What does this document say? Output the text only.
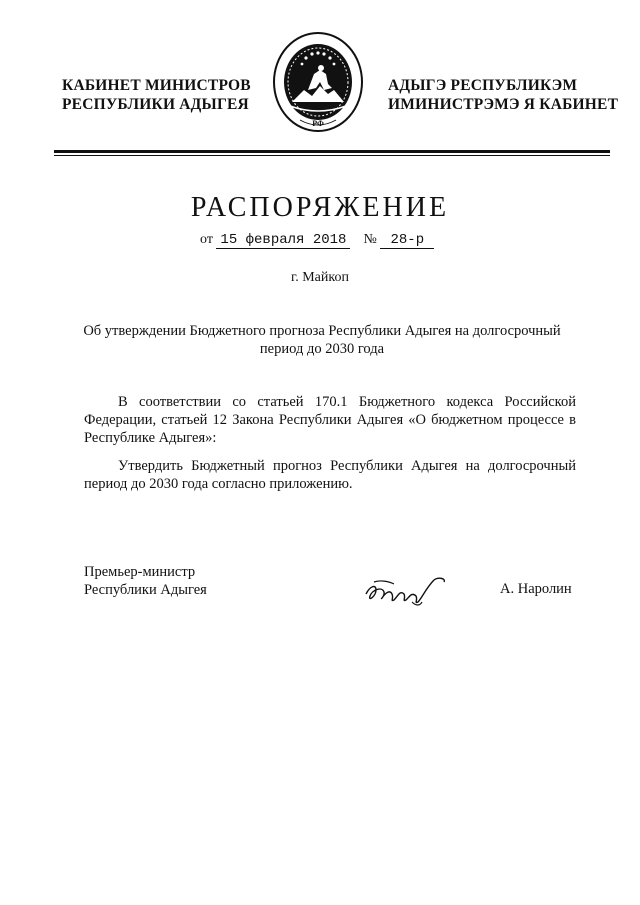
КАБИНЕТ МИНИСТРОВ
РЕСПУБЛИКИ АДЫГЕЯ
РФ
АДЫГЭ РЕСПУБЛИКЭМ
ИМИНИСТРЭМЭ Я КАБИНЕТ
РАСПОРЯЖЕНИЕ
от 15 февраля 2018 № 28-р
г. Майкоп
Об утверждении Бюджетного прогноза Республики Адыгея на долгосрочный период до 2030 года
В соответствии со статьей 170.1 Бюджетного кодекса Российской Федерации, статьей 12 Закона Республики Адыгея «О бюджетном процессе в Республике Адыгея»:
Утвердить Бюджетный прогноз Республики Адыгея на долгосрочный период до 2030 года согласно приложению.
Премьер-министр
Республики Адыгея	А. Наролин
